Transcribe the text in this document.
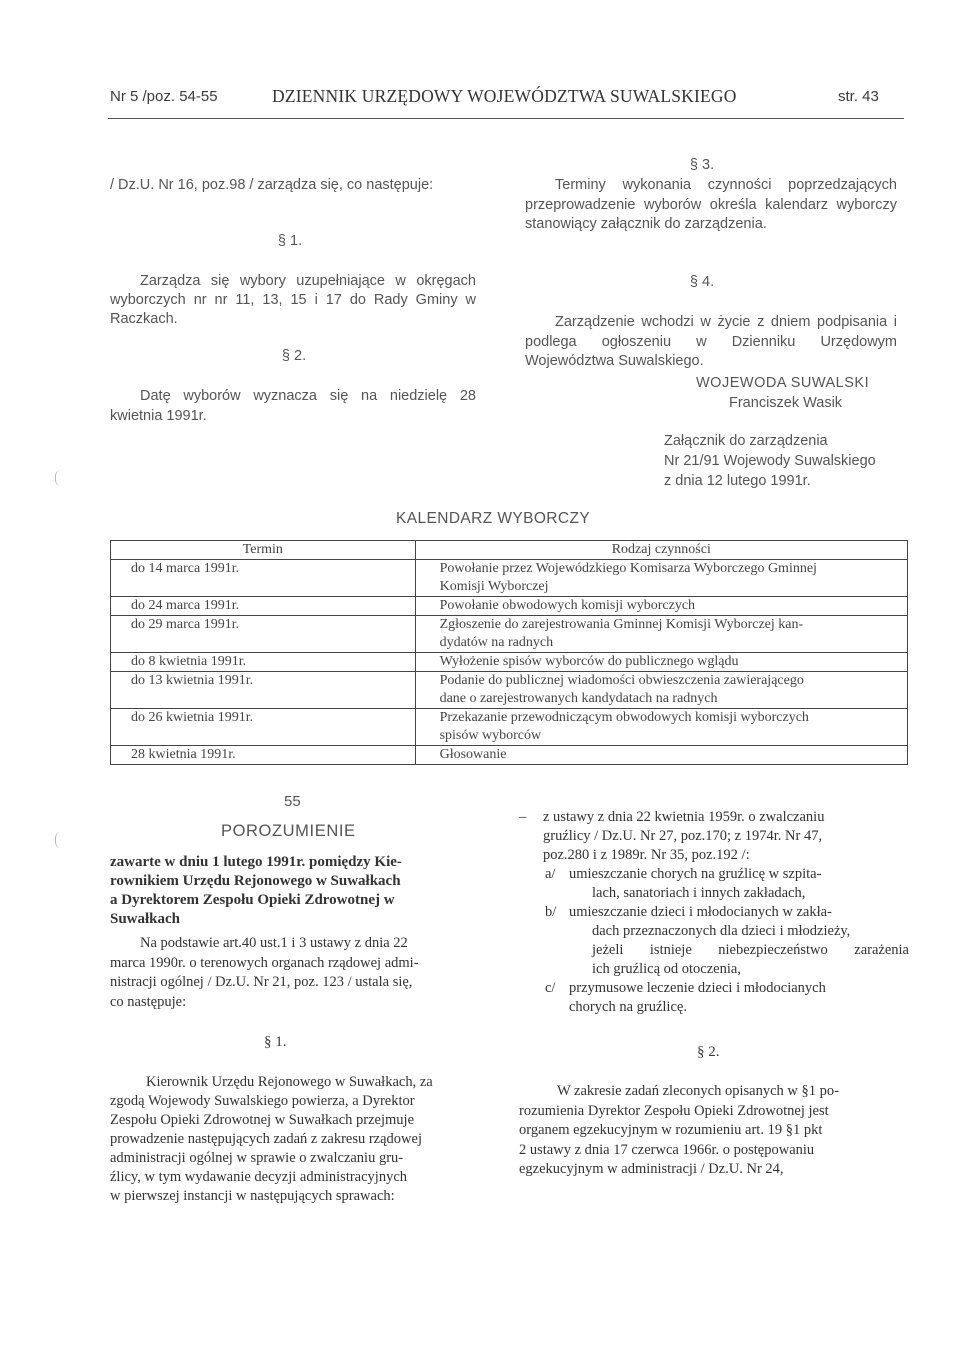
Nr 5 /poz. 54-55	DZIENNIK URZĘDOWY WOJEWÓDZTWA SUWALSKIEGO	str. 43
/ Dz.U. Nr 16, poz.98 / zarządza się, co następuje:
§ 1.
Zarządza się wybory uzupełniające w okręgach wyborczych nr nr 11, 13, 15 i 17 do Rady Gminy w Raczkach.
§ 2.
Datę wyborów wyznacza się na niedzielę 28 kwietnia 1991r.
§ 3.
Terminy wykonania czynności poprzedzających przeprowadzenie wyborów określa kalendarz wyborczy stanowiący załącznik do zarządzenia.
§ 4.
Zarządzenie wchodzi w życie z dniem podpisania i podlega ogłoszeniu w Dzienniku Urzędowym Województwa Suwalskiego.
WOJEWODA SUWALSKI
Franciszek Wasik
Załącznik do zarządzenia
Nr 21/91 Wojewody Suwalskiego
z dnia 12 lutego 1991r.
KALENDARZ WYBORCZY
Termin	Rodzaj czynności
do 14 marca 1991r.	Powołanie przez Wojewódzkiego Komisarza Wyborczego Gminnej
Komisji Wyborczej

do 24 marca 1991r.	Powołanie obwodowych komisji wyborczych

do 29 marca 1991r.	Zgłoszenie do zarejestrowania Gminnej Komisji Wyborczej kan-
dydatów na radnych

do 8 kwietnia 1991r.	Wyłożenie spisów wyborców do publicznego wglądu

do 13 kwietnia 1991r.	Podanie do publicznej wiadomości obwieszczenia zawierającego
dane o zarejestrowanych kandydatach na radnych

do 26 kwietnia 1991r.	Przekazanie przewodniczącym obwodowych komisji wyborczych
spisów wyborców

28 kwietnia 1991r.	Głosowanie
55
POROZUMIENIE
zawarte w dniu 1 lutego 1991r. pomiędzy Kie-
rownikiem Urzędu Rejonowego w Suwałkach
a Dyrektorem Zespołu Opieki Zdrowotnej w
Suwałkach
Na podstawie art.40 ust.1 i 3 ustawy z dnia 22
marca 1990r. o terenowych organach rządowej admi-
nistracji ogólnej / Dz.U. Nr 21, poz. 123 / ustala się,
co następuje:
§ 1.
Kierownik Urzędu Rejonowego w Suwałkach, za
zgodą Wojewody Suwalskiego powierza, a Dyrektor
Zespołu Opieki Zdrowotnej w Suwałkach przejmuje
prowadzenie następujących zadań z zakresu rządowej
administracji ogólnej w sprawie o zwalczaniu gru-
źlicy, w tym wydawanie decyzji administracyjnych
w pierwszej instancji w następujących sprawach:
– z ustawy z dnia 22 kwietnia 1959r. o zwalczaniu
gruźlicy / Dz.U. Nr 27, poz.170; z 1974r. Nr 47,
poz.280 i z 1989r. Nr 35, poz.192 /:
a/ umieszczanie chorych na gruźlicę w szpita-
lach, sanatoriach i innych zakładach,
b/ umieszczanie dzieci i młodocianych w zakła-
dach przeznaczonych dla dzieci i młodzieży,
jeżeli istnieje niebezpieczeństwo zarażenia
ich gruźlicą od otoczenia,
c/ przymusowe leczenie dzieci i młodocianych
chorych na gruźlicę.
§ 2.
W zakresie zadań zleconych opisanych w §1 po-
rozumienia Dyrektor Zespołu Opieki Zdrowotnej jest
organem egzekucyjnym w rozumieniu art. 19 §1 pkt
2 ustawy z dnia 17 czerwca 1966r. o postępowaniu
egzekucyjnym w administracji / Dz.U. Nr 24,
